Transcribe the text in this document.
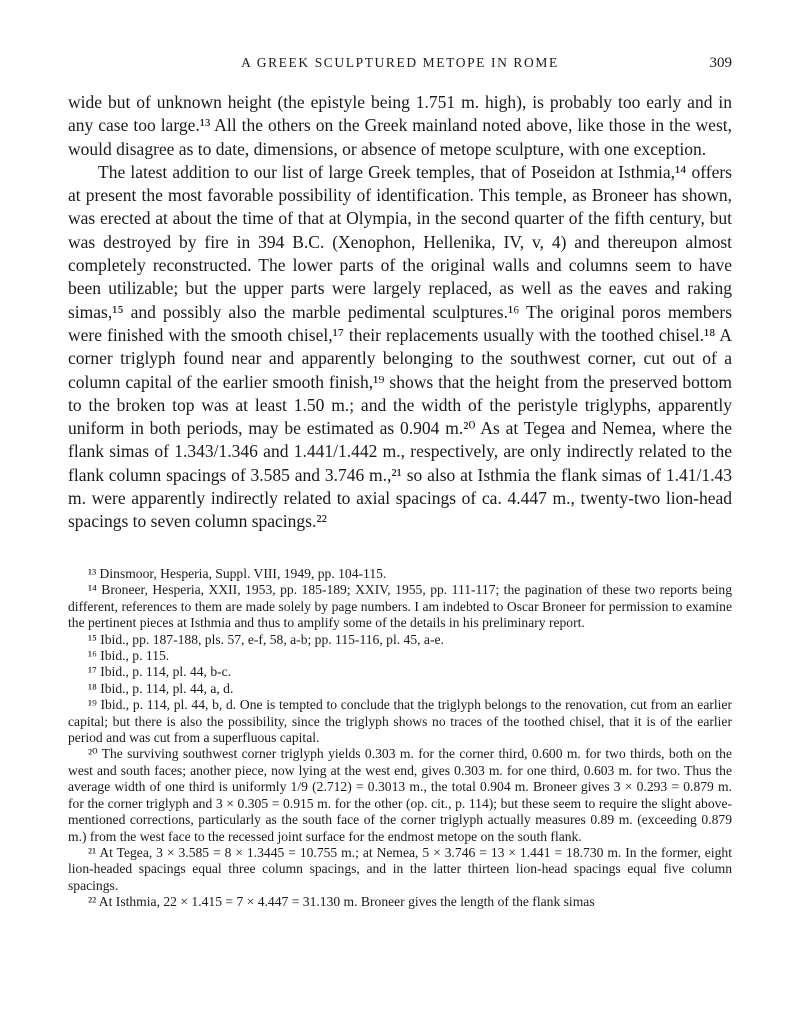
A GREEK SCULPTURED METOPE IN ROME	309

wide but of unknown height (the epistyle being 1.751 m. high), is probably too early and in any case too large.¹³ All the others on the Greek mainland noted above, like those in the west, would disagree as to date, dimensions, or absence of metope sculpture, with one exception.

The latest addition to our list of large Greek temples, that of Poseidon at Isthmia,¹⁴ offers at present the most favorable possibility of identification. This temple, as Broneer has shown, was erected at about the time of that at Olympia, in the second quarter of the fifth century, but was destroyed by fire in 394 B.C. (Xenophon, Hellenika, IV, v, 4) and thereupon almost completely reconstructed. The lower parts of the original walls and columns seem to have been utilizable; but the upper parts were largely replaced, as well as the eaves and raking simas,¹⁵ and possibly also the marble pedimental sculptures.¹⁶ The original poros members were finished with the smooth chisel,¹⁷ their replacements usually with the toothed chisel.¹⁸ A corner triglyph found near and apparently belonging to the southwest corner, cut out of a column capital of the earlier smooth finish,¹⁹ shows that the height from the preserved bottom to the broken top was at least 1.50 m.; and the width of the peristyle triglyphs, apparently uniform in both periods, may be estimated as 0.904 m.²⁰ As at Tegea and Nemea, where the flank simas of 1.343/1.346 and 1.441/1.442 m., respectively, are only indirectly related to the flank column spacings of 3.585 and 3.746 m.,²¹ so also at Isthmia the flank simas of 1.41/1.43 m. were apparently indirectly related to axial spacings of ca. 4.447 m., twenty-two lion-head spacings to seven column spacings.²²

¹³ Dinsmoor, Hesperia, Suppl. VIII, 1949, pp. 104-115.

¹⁴ Broneer, Hesperia, XXII, 1953, pp. 185-189; XXIV, 1955, pp. 111-117; the pagination of these two reports being different, references to them are made solely by page numbers. I am indebted to Oscar Broneer for permission to examine the pertinent pieces at Isthmia and thus to amplify some of the details in his preliminary report.

¹⁵ Ibid., pp. 187-188, pls. 57, e-f, 58, a-b; pp. 115-116, pl. 45, a-e.

¹⁶ Ibid., p. 115.

¹⁷ Ibid., p. 114, pl. 44, b-c.

¹⁸ Ibid., p. 114, pl. 44, a, d.

¹⁹ Ibid., p. 114, pl. 44, b, d. One is tempted to conclude that the triglyph belongs to the renovation, cut from an earlier capital; but there is also the possibility, since the triglyph shows no traces of the toothed chisel, that it is of the earlier period and was cut from a superfluous capital.

²⁰ The surviving southwest corner triglyph yields 0.303 m. for the corner third, 0.600 m. for two thirds, both on the west and south faces; another piece, now lying at the west end, gives 0.303 m. for one third, 0.603 m. for two. Thus the average width of one third is uniformly 1/9 (2.712) = 0.3013 m., the total 0.904 m. Broneer gives 3 × 0.293 = 0.879 m. for the corner triglyph and 3 × 0.305 = 0.915 m. for the other (op. cit., p. 114); but these seem to require the slight above-mentioned corrections, particularly as the south face of the corner triglyph actually measures 0.89 m. (exceeding 0.879 m.) from the west face to the recessed joint surface for the endmost metope on the south flank.

²¹ At Tegea, 3 × 3.585 = 8 × 1.3445 = 10.755 m.; at Nemea, 5 × 3.746 = 13 × 1.441 = 18.730 m. In the former, eight lion-headed spacings equal three column spacings, and in the latter thirteen lion-head spacings equal five column spacings.

²² At Isthmia, 22 × 1.415 = 7 × 4.447 = 31.130 m. Broneer gives the length of the flank simas
